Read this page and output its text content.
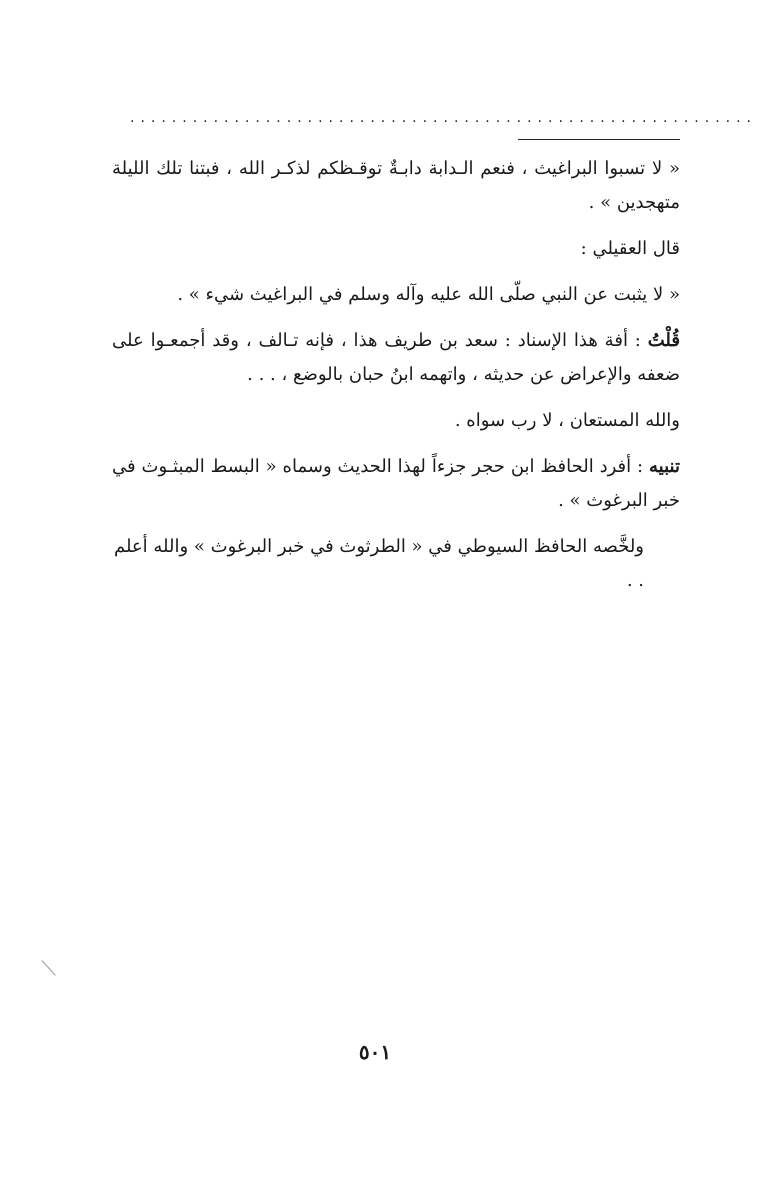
............................................................

« لا تسبوا البراغيث ، فنعم الـدابة دابـةٌ توقـظكم لذكـر الله ، فبتنا تلك الليلة متهجدين » .

قال العقيلي :

« لا يثبت عن النبي صلّى الله عليه وآله وسلم في البراغيث شيء » .

قُلْتُ : أفة هذا الإسناد : سعد بن طريف هذا ، فإنه تـالف ، وقد أجمعـوا على ضعفه والإعراض عن حديثه ، واتهمه ابنُ حبان بالوضع ، . . .

والله المستعان ، لا رب سواه .

تنبيه : أفرد الحافظ ابن حجر جزءاً لهذا الحديث وسماه « البسط المبثـوث في خبر البرغوث » .

ولخَّصه الحافظ السيوطي في « الطرثوث في خبر البرغوث » والله أعلم . .

٥٠١
